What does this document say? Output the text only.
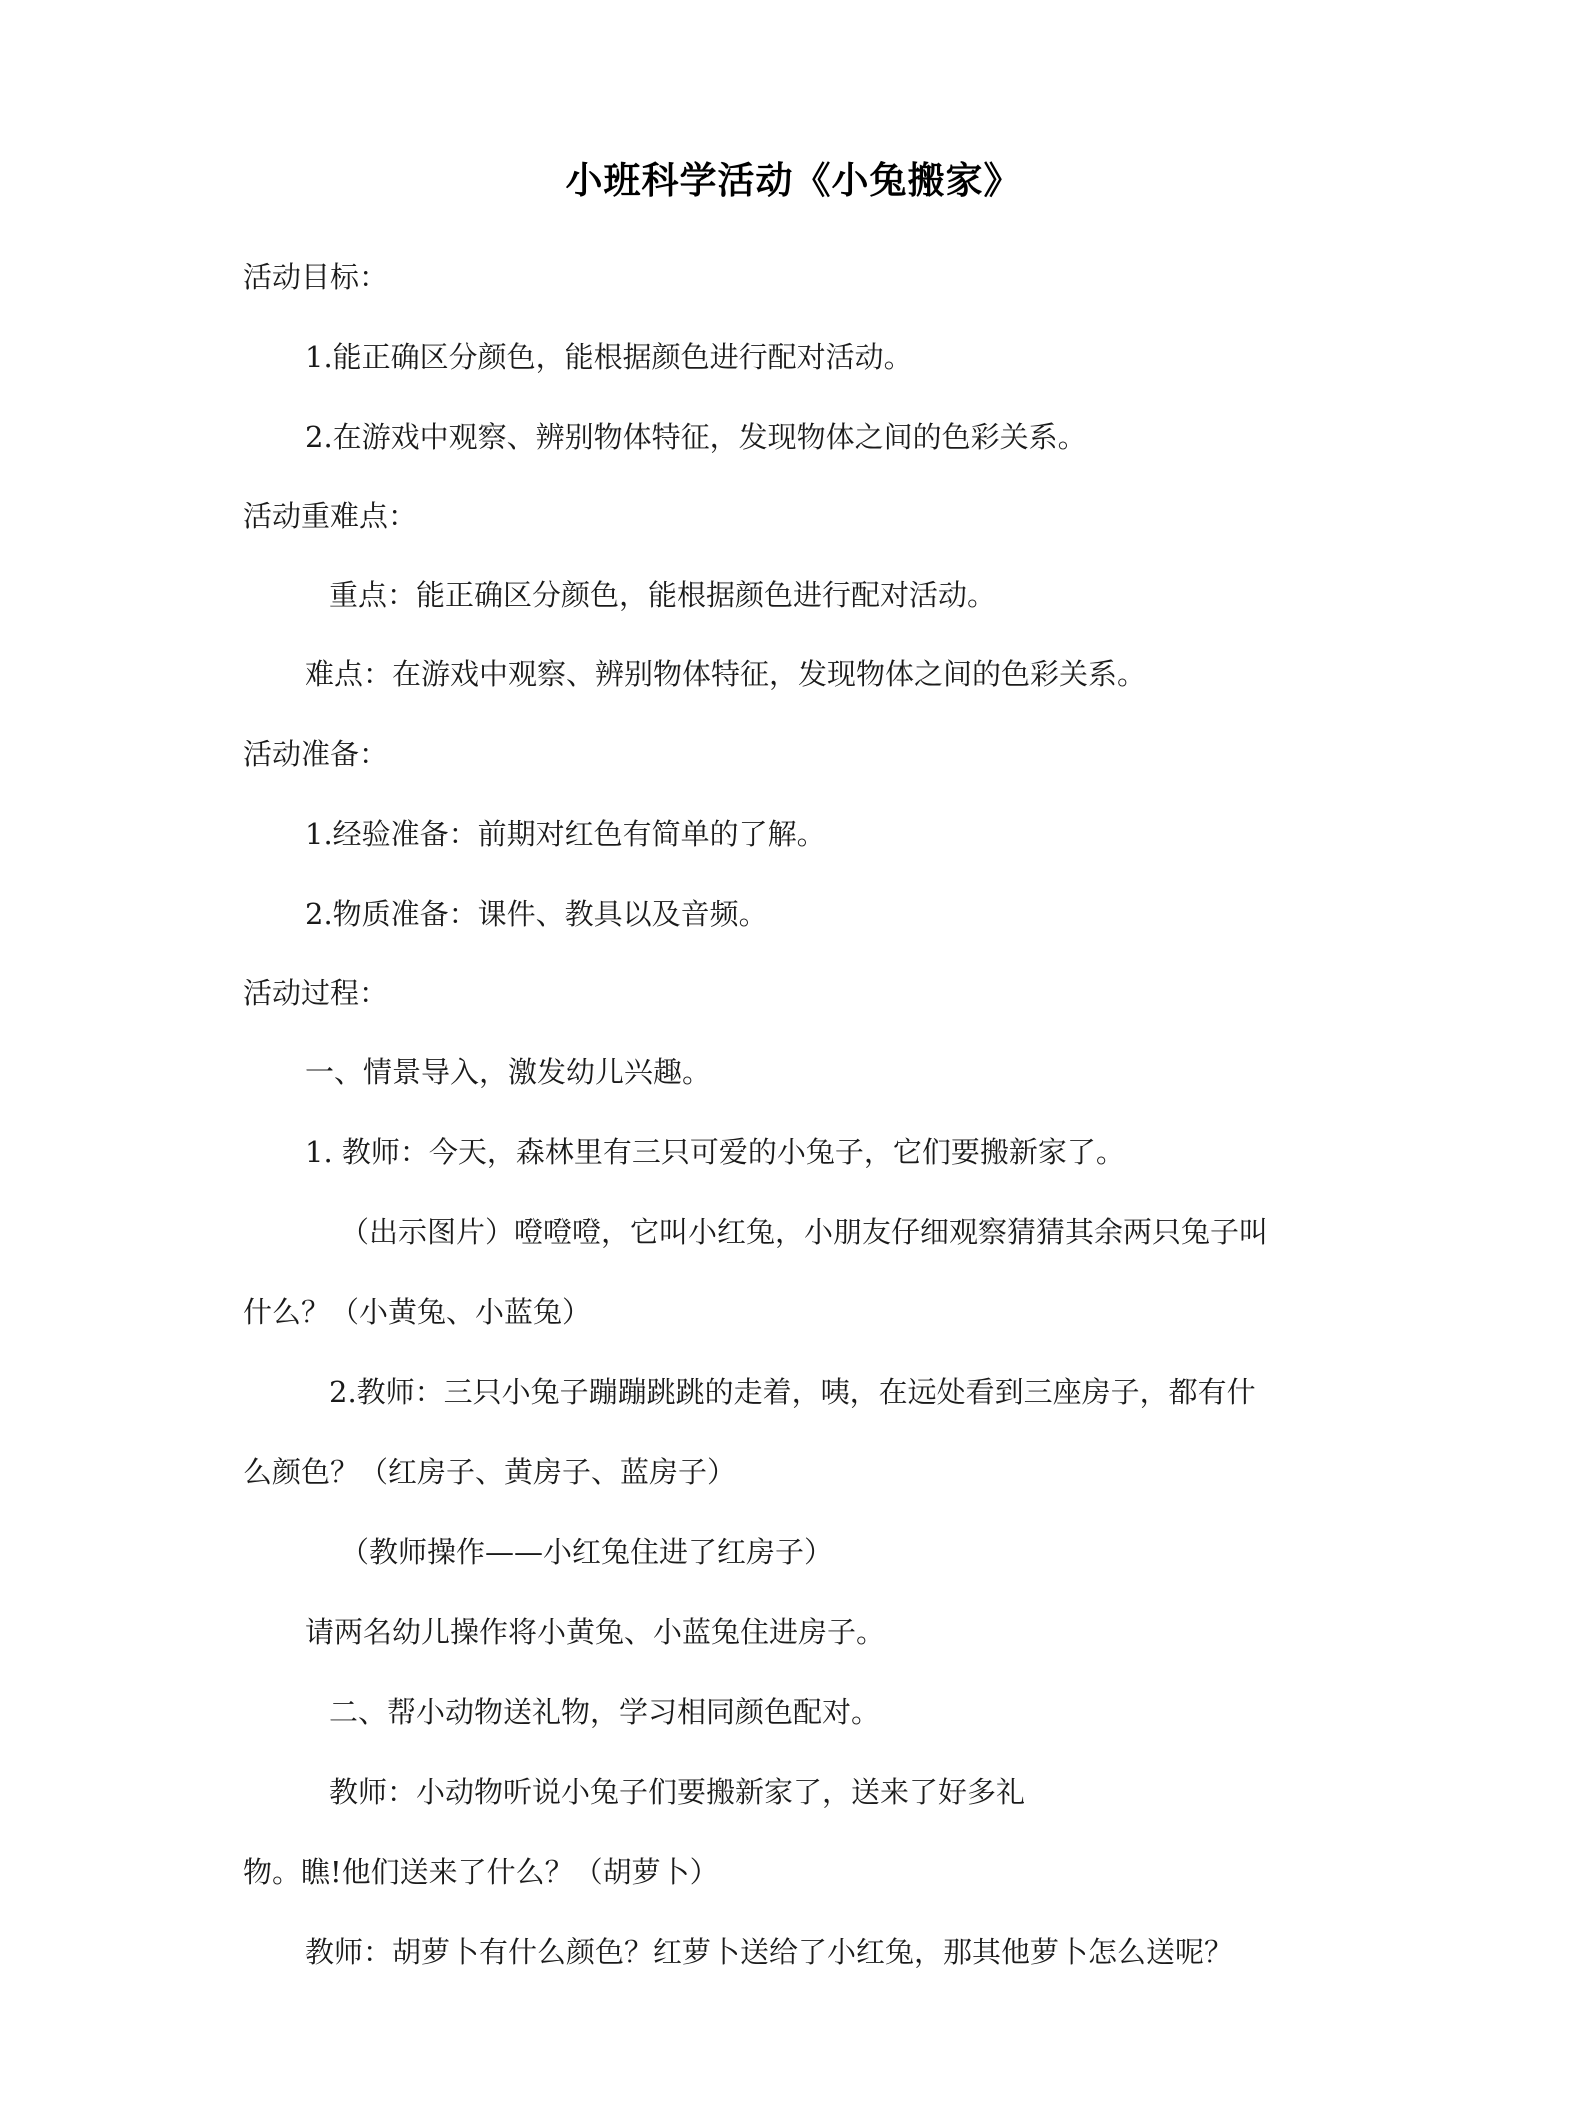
小班科学活动《小兔搬家》
活动目标：
1.能正确区分颜色，能根据颜色进行配对活动。
2.在游戏中观察、辨别物体特征，发现物体之间的色彩关系。
活动重难点：
重点：能正确区分颜色，能根据颜色进行配对活动。
难点：在游戏中观察、辨别物体特征，发现物体之间的色彩关系。
活动准备：
1.经验准备：前期对红色有简单的了解。
2.物质准备：课件、教具以及音频。
活动过程：
一、情景导入，激发幼儿兴趣。
1. 教师：今天，森林里有三只可爱的小兔子，它们要搬新家了。
（出示图片）噔噔噔，它叫小红兔，小朋友仔细观察猜猜其余两只兔子叫
什么？（小黄兔、小蓝兔）
2.教师：三只小兔子蹦蹦跳跳的走着，咦，在远处看到三座房子，都有什
么颜色？（红房子、黄房子、蓝房子）
（教师操作——小红兔住进了红房子）
请两名幼儿操作将小黄兔、小蓝兔住进房子。
二、帮小动物送礼物，学习相同颜色配对。
教师：小动物听说小兔子们要搬新家了，送来了好多礼
物。瞧!他们送来了什么？（胡萝卜）
教师：胡萝卜有什么颜色？红萝卜送给了小红兔，那其他萝卜怎么送呢？
